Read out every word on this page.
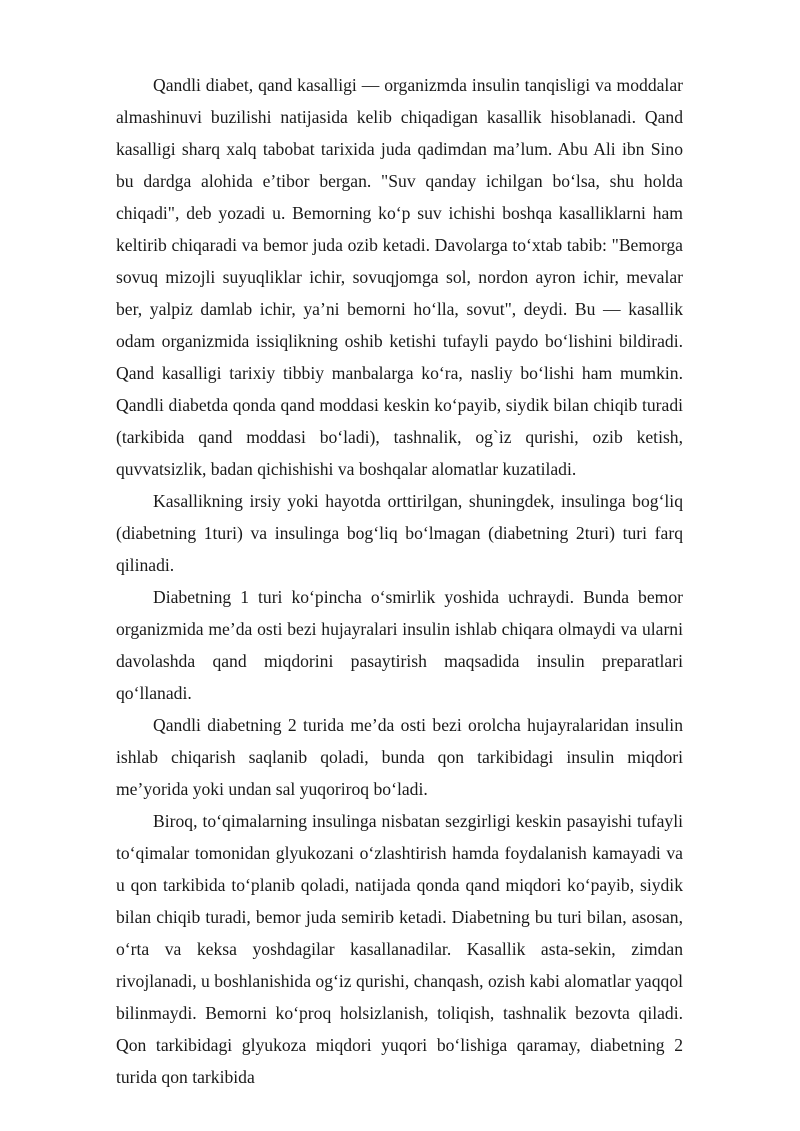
Qandli diabet, qand kasalligi — organizmda insulin tanqisligi va moddalar almashinuvi buzilishi natijasida kelib chiqadigan kasallik hisoblanadi. Qand kasalligi sharq xalq tabobat tarixida juda qadimdan maʼlum. Abu Ali ibn Sino bu dardga alohida eʼtibor bergan. "Suv qanday ichilgan boʻlsa, shu holda chiqadi", deb yozadi u. Bemorning koʻp suv ichishi boshqa kasalliklarni ham keltirib chiqaradi va bemor juda ozib ketadi. Davolarga toʻxtab tabib: "Bemorga sovuq mizojli suyuqliklar ichir, sovuqjomga sol, nordon ayron ichir, mevalar ber, yalpiz damlab ichir, yaʼni bemorni hoʻlla, sovut", deydi. Bu — kasallik odam organizmida issiqlikning oshib ketishi tufayli paydo boʻlishini bildiradi. Qand kasalligi tarixiy tibbiy manbalarga koʻra, nasliy boʻlishi ham mumkin. Qandli diabetda qonda qand moddasi keskin koʻpayib, siydik bilan chiqib turadi (tarkibida qand moddasi boʻladi), tashnalik, og`iz qurishi, ozib ketish, quvvatsizlik, badan qichishishi va boshqalar alomatlar kuzatiladi.

Kasallikning irsiy yoki hayotda orttirilgan, shuningdek, insulinga bogʻliq (diabetning 1turi) va insulinga bogʻliq boʻlmagan (diabetning 2turi) turi farq qilinadi.

Diabetning 1 turi koʻpincha oʻsmirlik yoshida uchraydi. Bunda bemor organizmida meʼda osti bezi hujayralari insulin ishlab chiqara olmaydi va ularni davolashda qand miqdorini pasaytirish maqsadida insulin preparatlari qoʻllanadi.

Qandli diabetning 2 turida meʼda osti bezi orolcha hujayralaridan insulin ishlab chiqarish saqlanib qoladi, bunda qon tarkibidagi insulin miqdori meʼyorida yoki undan sal yuqoriroq boʻladi.

Biroq, toʻqimalarning insulinga nisbatan sezgirligi keskin pasayishi tufayli toʻqimalar tomonidan glyukozani oʻzlashtirish hamda foydalanish kamayadi va u qon tarkibida toʻplanib qoladi, natijada qonda qand miqdori koʻpayib, siydik bilan chiqib turadi, bemor juda semirib ketadi. Diabetning bu turi bilan, asosan, oʻrta va keksa yoshdagilar kasallanadilar. Kasallik asta-sekin, zimdan rivojlanadi, u boshlanishida ogʻiz qurishi, chanqash, ozish kabi alomatlar yaqqol bilinmaydi. Bemorni koʻproq holsizlanish, toliqish, tashnalik bezovta qiladi. Qon tarkibidagi glyukoza miqdori yuqori boʻlishiga qaramay, diabetning 2 turida qon tarkibida
